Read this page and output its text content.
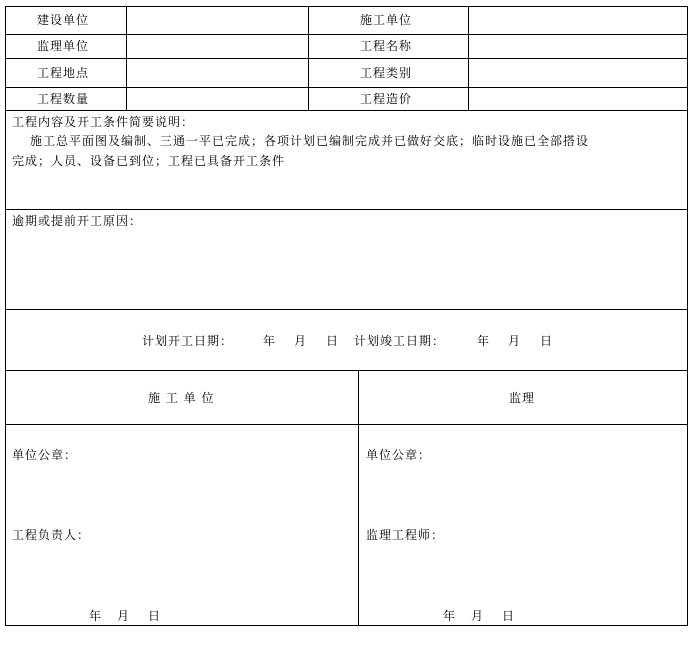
建设单位
监理单位
工程地点
工程数量
施工单位
工程名称
工程类别
工程造价
工程内容及开工条件简要说明：
施工总平面图及编制、三通一平已完成；各项计划已编制完成并已做好交底；临时设施已全部搭设
完成；人员、设备已到位；工程已具备开工条件
逾期或提前开工原因：
计划开工日期： 年 月 日 计划竣工日期：	年 月 日
施 工 单 位
单位公章：
工程负责人：
年 月 日
监理
单位公章：
监理工程师：
年 月 日
